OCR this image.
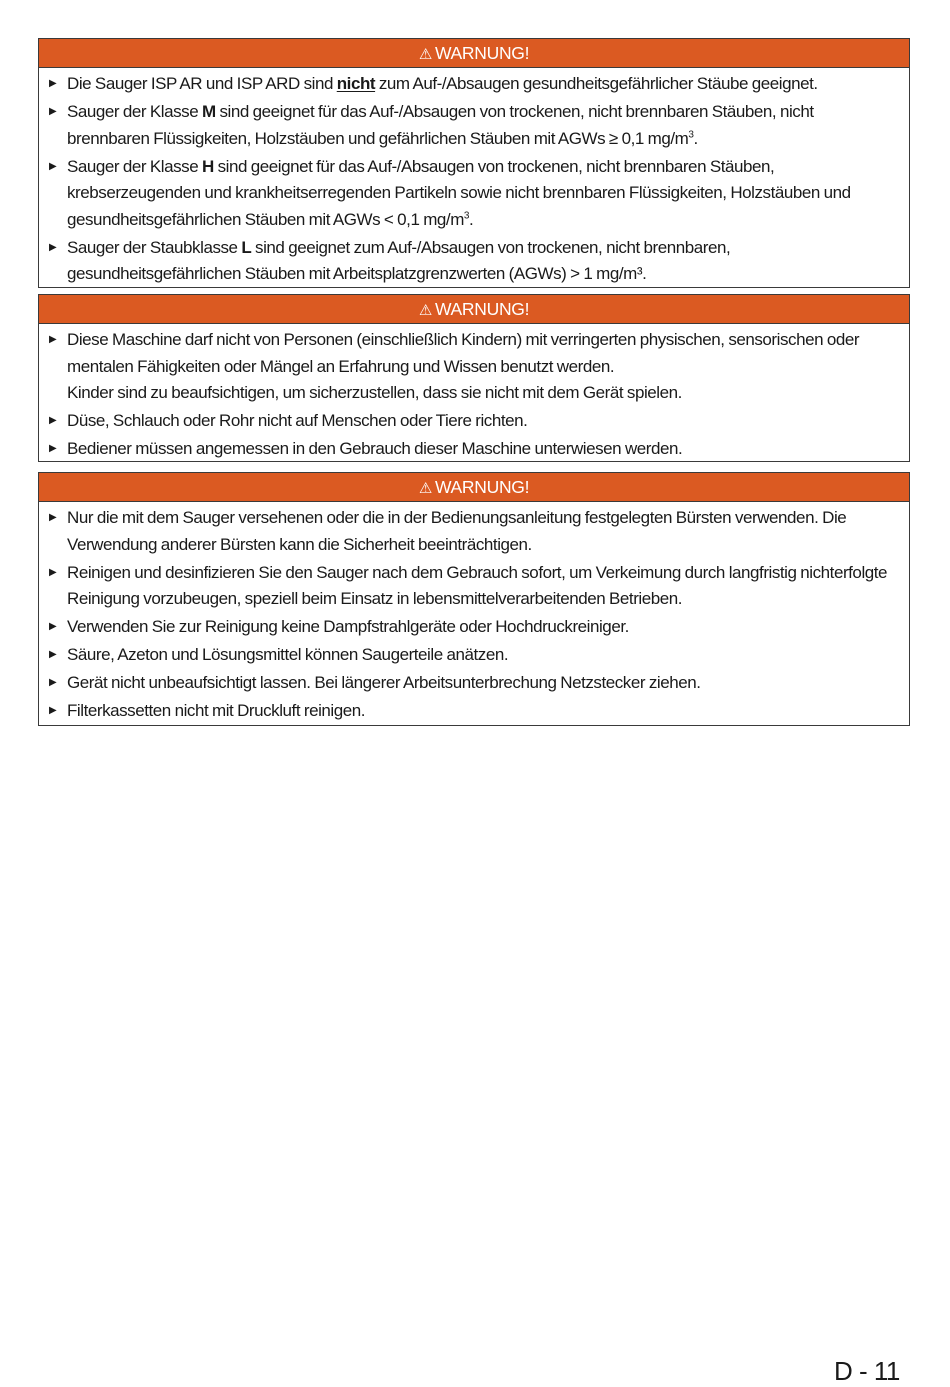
⚠ WARNUNG!
▶ Die Sauger ISP AR und ISP ARD sind nicht zum Auf-/Absaugen gesundheitsgefährlicher Stäube geeignet.
▶ Sauger der Klasse M sind geeignet für das Auf-/Absaugen von trockenen, nicht brennbaren Stäuben, nicht brennbaren Flüssigkeiten, Holzstäuben und gefährlichen Stäuben mit AGWs ≥ 0,1 $mg/m^3$.
▶ Sauger der Klasse H sind geeignet für das Auf-/Absaugen von trockenen, nicht brennbaren Stäuben, krebserzeugenden und krankheitserregenden Partikeln sowie nicht brennbaren Flüssigkeiten, Holzstäuben und gesundheitsgefährlichen Stäuben mit AGWs < 0,1 $mg/m^3$.
▶ Sauger der Staubklasse L sind geeignet zum Auf-/Absaugen von trockenen, nicht brennbaren, gesundheitsgefährlichen Stäuben mit Arbeitsplatzgrenzwerten (AGWs) > 1 mg/m³.
⚠ WARNUNG!
▶ Diese Maschine darf nicht von Personen (einschließlich Kindern) mit verringerten physischen, sensorischen oder mentalen Fähigkeiten oder Mängel an Erfahrung und Wissen benutzt werden.
Kinder sind zu beaufsichtigen, um sicherzustellen, dass sie nicht mit dem Gerät spielen.
▶ Düse, Schlauch oder Rohr nicht auf Menschen oder Tiere richten.
▶ Bediener müssen angemessen in den Gebrauch dieser Maschine unterwiesen werden.
⚠ WARNUNG!
▶ Nur die mit dem Sauger versehenen oder die in der Bedienungsanleitung festgelegten Bürsten verwenden. Die Verwendung anderer Bürsten kann die Sicherheit beeinträchtigen.
▶ Reinigen und desinfizieren Sie den Sauger nach dem Gebrauch sofort, um Verkeimung durch langfristig nichterfolgte Reinigung vorzubeugen, speziell beim Einsatz in lebensmittelverarbeitenden Betrieben.
▶ Verwenden Sie zur Reinigung keine Dampfstrahlgeräte oder Hochdruckreiniger.
▶ Säure, Azeton und Lösungsmittel können Saugerteile anätzen.
▶ Gerät nicht unbeaufsichtigt lassen. Bei längerer Arbeitsunterbrechung Netzstecker ziehen.
▶ Filterkassetten nicht mit Druckluft reinigen.
D - 11
